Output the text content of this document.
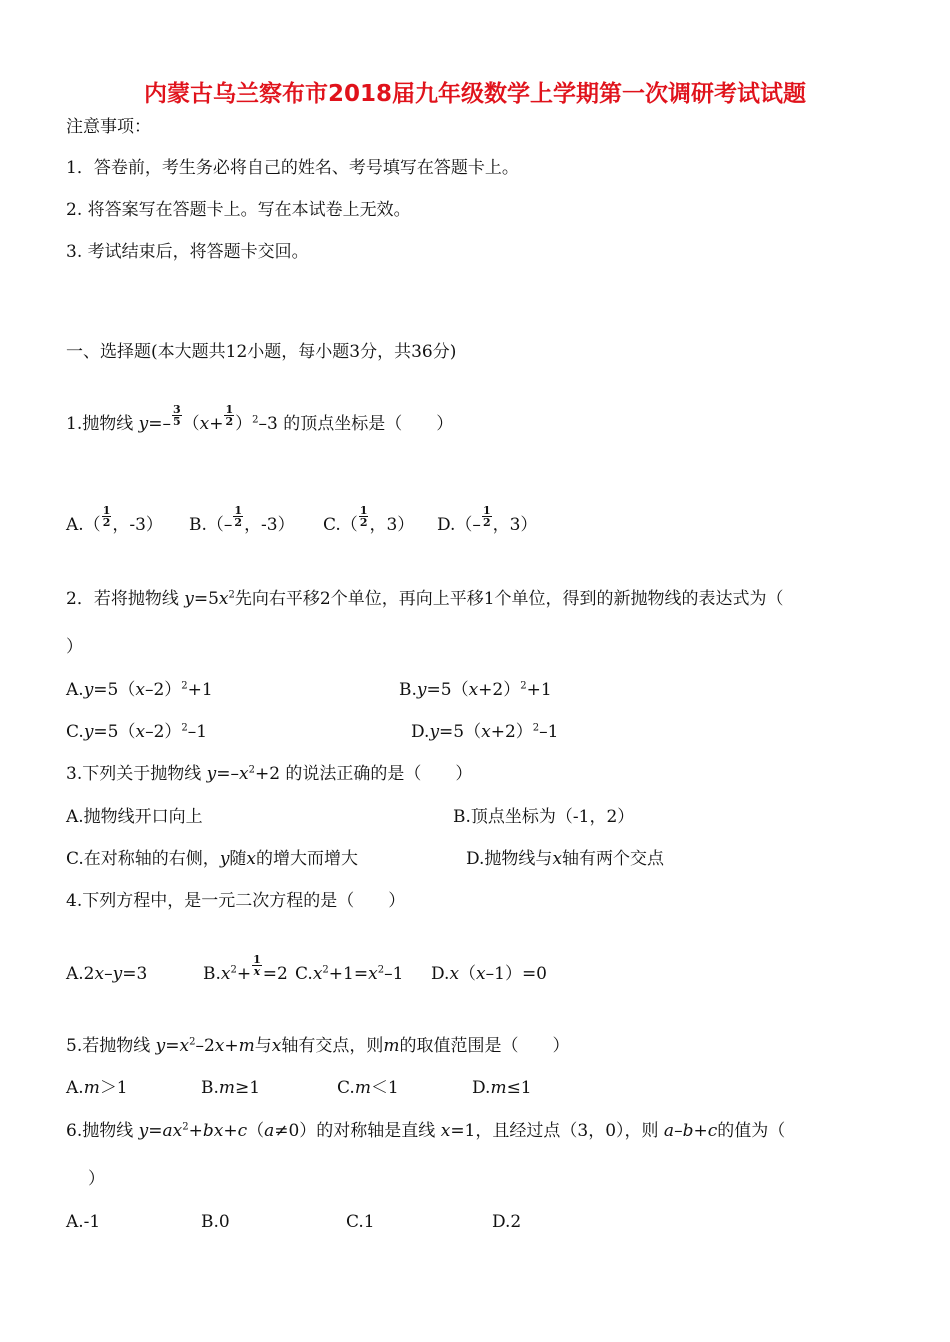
内蒙古乌兰察布市2018届九年级数学上学期第一次调研考试试题
注意事项：
1．答卷前，考生务必将自己的姓名、考号填写在答题卡上。
2. 将答案写在答题卡上。写在本试卷上无效。
3. 考试结束后，将答题卡交回。
一、选择题(本大题共12小题，每小题3分，共36分)
1.抛物线 $y=- \frac{3}{5} (x+ \frac{1}{2} )^2-3$ 的顶点坐标是（　　）
$A.( \frac{1}{2}$ ，-3） $B.(- \frac{1}{2}$ ，-3） $C.( \frac{1}{2}$ ，3） $D.(- \frac{1}{2}$ ，3）
2．若将抛物线 $y=5x^2$先向右平移2个单位，再向上平移1个单位，得到的新抛物线的表达式为（
）
$A.y=5(x-2)^2+1$	$B.y=5(x+2)^2+1$
$C.y=5(x-2)^2-1$	$D.y=5(x+2)^2-1$
3.下列关于抛物线 $y=-x^2+2$ 的说法正确的是（　　）
A.抛物线开口向上	B.顶点坐标为（-1，2）
C.在对称轴的右侧，y随x的增大而增大	D.抛物线与x轴有两个交点
4.下列方程中，是一元二次方程的是（　　）
A.2x–y=3	$B.x^2+ \frac{1}{x} =2$ $C.x^2+1=x^2-1$ D.x（x–1）=0
5.若抛物线 $y=x^2-2x+m$与x轴有交点，则m的取值范围是（　　）
A.m＞1	B.m≥1	C.m＜1	D.m≤1
6.抛物线 $y=ax^2+bx+c(a\ne 0)$的对称轴是直线 x=1，且经过点（3，0），则 a–b+c的值为（
）
A.-1	B.0	C.1	D.2
